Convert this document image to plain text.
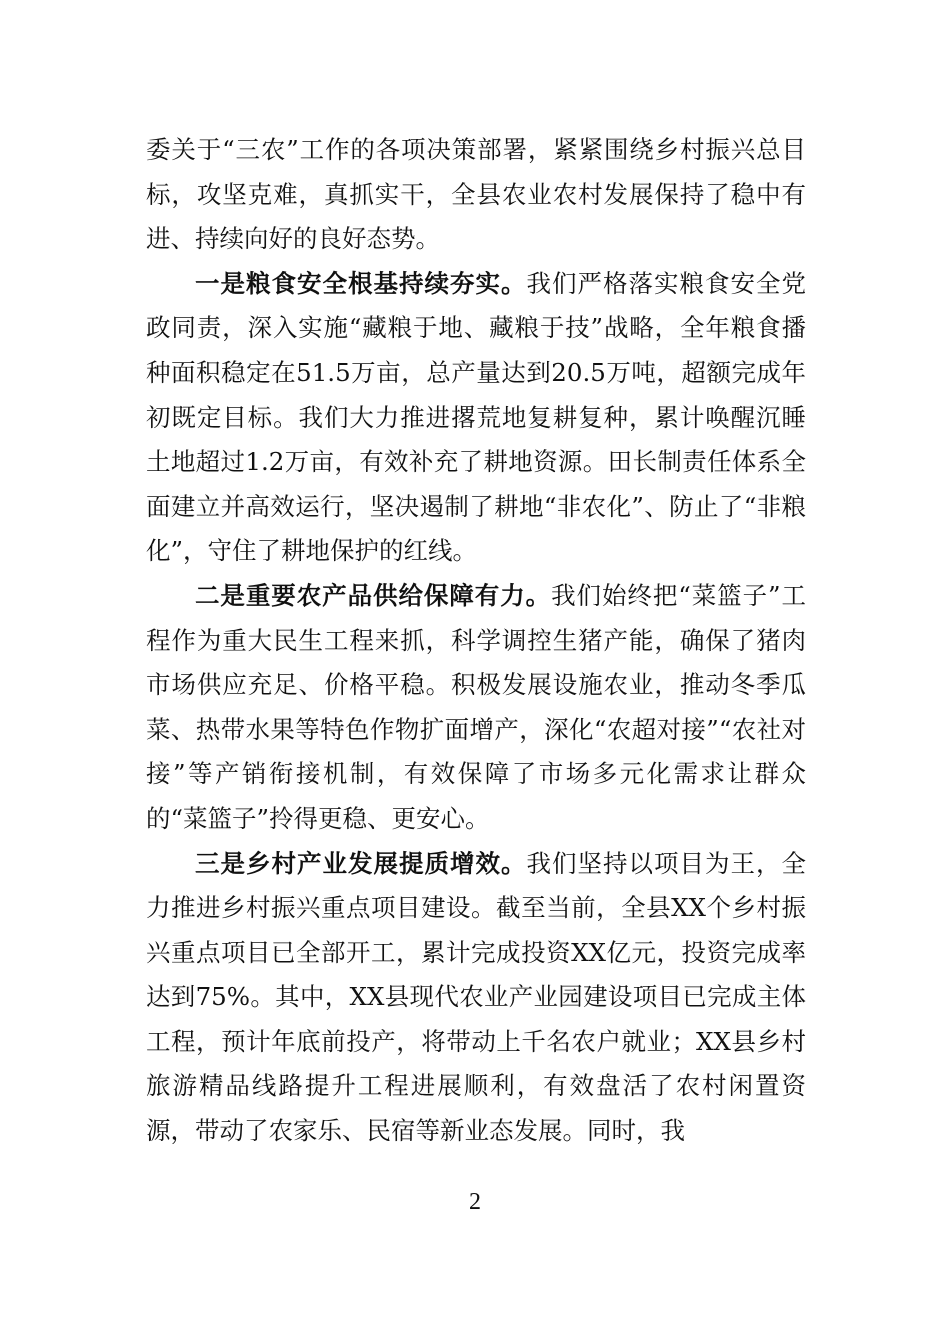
委关于“三农”工作的各项决策部署，紧紧围绕乡村振兴总目标，攻坚克难，真抓实干，全县农业农村发展保持了稳中有进、持续向好的良好态势。

一是粮食安全根基持续夯实。我们严格落实粮食安全党政同责，深入实施“藏粮于地、藏粮于技”战略，全年粮食播种面积稳定在51.5万亩，总产量达到20.5万吨，超额完成年初既定目标。我们大力推进撂荒地复耕复种，累计唤醒沉睡土地超过1.2万亩，有效补充了耕地资源。田长制责任体系全面建立并高效运行，坚决遏制了耕地“非农化”、防止了“非粮化”，守住了耕地保护的红线。

二是重要农产品供给保障有力。我们始终把“菜篮子”工程作为重大民生工程来抓，科学调控生猪产能，确保了猪肉市场供应充足、价格平稳。积极发展设施农业，推动冬季瓜菜、热带水果等特色作物扩面增产，深化“农超对接”“农社对接”等产销衔接机制，有效保障了市场多元化需求让群众的“菜篮子”拎得更稳、更安心。

三是乡村产业发展提质增效。我们坚持以项目为王，全力推进乡村振兴重点项目建设。截至当前，全县XX个乡村振兴重点项目已全部开工，累计完成投资XX亿元，投资完成率达到75%。其中，XX县现代农业产业园建设项目已完成主体工程，预计年底前投产，将带动上千名农户就业；XX县乡村旅游精品线路提升工程进展顺利，有效盘活了农村闲置资源，带动了农家乐、民宿等新业态发展。同时，我

2
